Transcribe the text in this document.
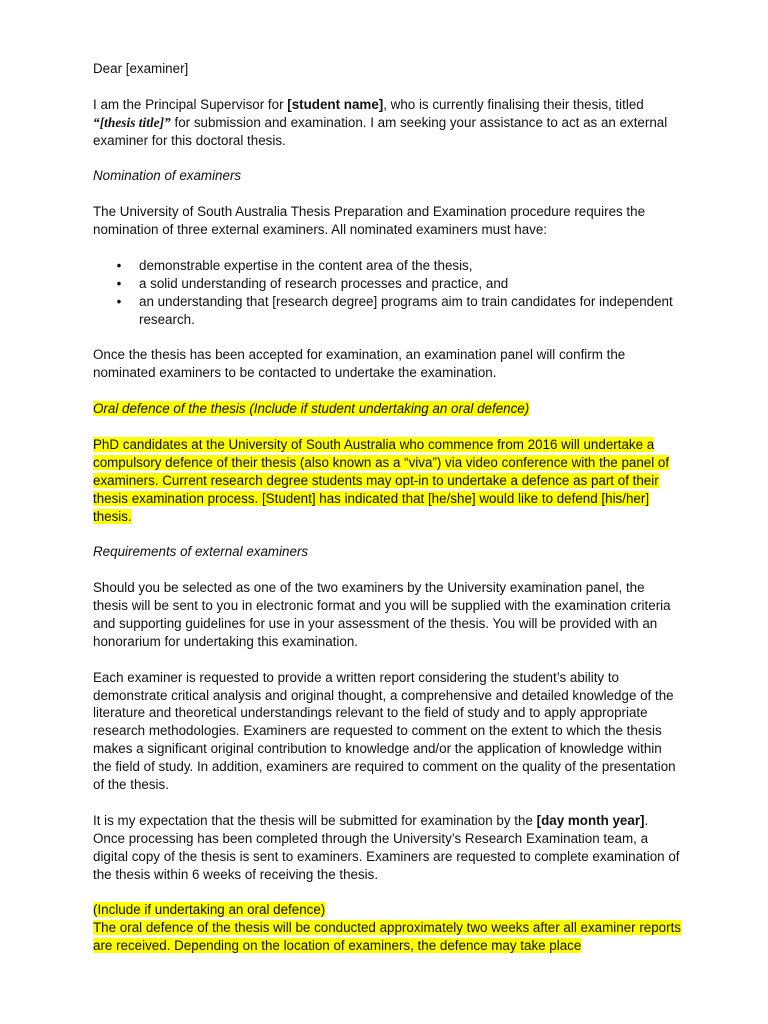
Dear [examiner]

I am the Principal Supervisor for [student name], who is currently finalising their thesis, titled “[thesis title]” for submission and examination. I am seeking your assistance to act as an external examiner for this doctoral thesis.

Nomination of examiners

The University of South Australia Thesis Preparation and Examination procedure requires the nomination of three external examiners. All nominated examiners must have:

• demonstrable expertise in the content area of the thesis,
• a solid understanding of research processes and practice, and
• an understanding that [research degree] programs aim to train candidates for independent research.

Once the thesis has been accepted for examination, an examination panel will confirm the nominated examiners to be contacted to undertake the examination.

Oral defence of the thesis (Include if student undertaking an oral defence)

PhD candidates at the University of South Australia who commence from 2016 will undertake a compulsory defence of their thesis (also known as a “viva”) via video conference with the panel of examiners. Current research degree students may opt-in to undertake a defence as part of their thesis examination process. [Student] has indicated that [he/she] would like to defend [his/her] thesis.

Requirements of external examiners

Should you be selected as one of the two examiners by the University examination panel, the thesis will be sent to you in electronic format and you will be supplied with the examination criteria and supporting guidelines for use in your assessment of the thesis. You will be provided with an honorarium for undertaking this examination.

Each examiner is requested to provide a written report considering the student’s ability to demonstrate critical analysis and original thought, a comprehensive and detailed knowledge of the literature and theoretical understandings relevant to the field of study and to apply appropriate research methodologies. Examiners are requested to comment on the extent to which the thesis makes a significant original contribution to knowledge and/or the application of knowledge within the field of study. In addition, examiners are required to comment on the quality of the presentation of the thesis.

It is my expectation that the thesis will be submitted for examination by the [day month year]. Once processing has been completed through the University’s Research Examination team, a digital copy of the thesis is sent to examiners. Examiners are requested to complete examination of the thesis within 6 weeks of receiving the thesis.

(Include if undertaking an oral defence)

The oral defence of the thesis will be conducted approximately two weeks after all examiner reports are received. Depending on the location of examiners, the defence may take place
